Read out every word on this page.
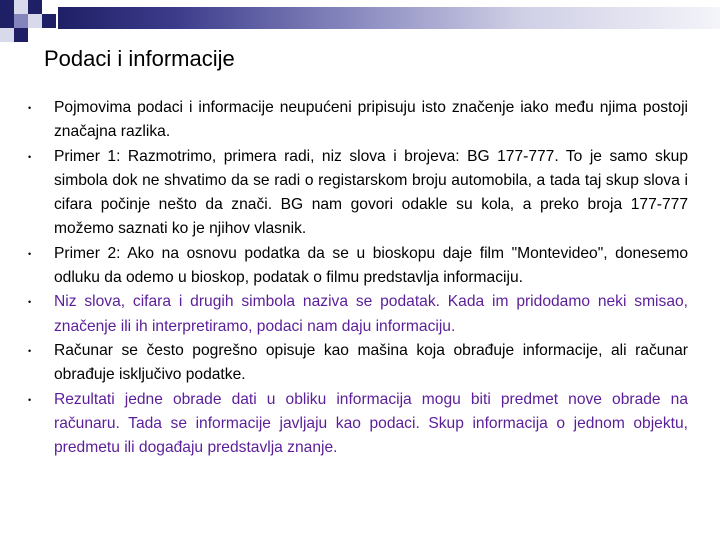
Podaci i informacije
• Pojmovima podaci i informacije neupućeni pripisuju isto značenje iako među njima postoji značajna razlika.
• Primer 1: Razmotrimo, primera radi, niz slova i brojeva: BG 177-777. To je samo skup simbola dok ne shvatimo da se radi o registarskom broju automobila, a tada taj skup slova i cifara počinje nešto da znači. BG nam govori odakle su kola, a preko broja 177-777 možemo saznati ko je njihov vlasnik.
• Primer 2: Ako na osnovu podatka da se u bioskopu daje film "Montevideo", donesemo odluku da odemo u bioskop, podatak o filmu predstavlja informaciju.
• Niz slova, cifara i drugih simbola naziva se podatak. Kada im pridodamo neki smisao, značenje ili ih interpretiramo, podaci nam daju informaciju.
• Računar se često pogrešno opisuje kao mašina koja obrađuje informacije, ali računar obrađuje isključivo podatke.
• Rezultati jedne obrade dati u obliku informacija mogu biti predmet nove obrade na računaru. Tada se informacije javljaju kao podaci. Skup informacija o jednom objektu, predmetu ili događaju predstavlja znanje.
